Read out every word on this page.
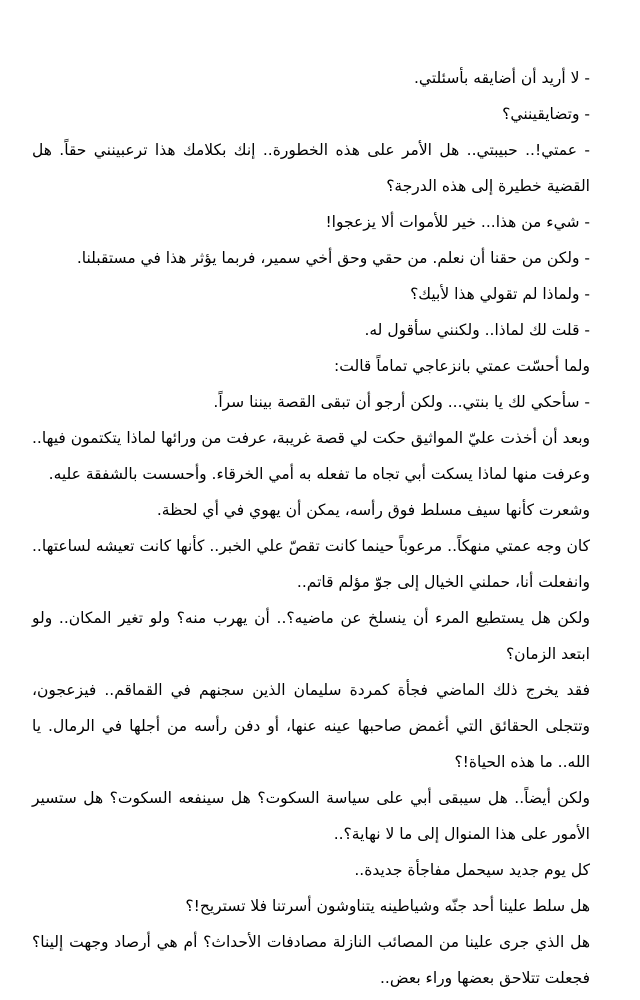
- لا أريد أن أضايقه بأسئلتي.

- وتضايقينني؟

- عمتي!.. حبيبتي.. هل الأمر على هذه الخطورة.. إنك بكلامك هذا ترعبينني حقاً. هل القضية خطيرة إلى هذه الدرجة؟

- شيء من هذا... خير للأموات ألا يزعجوا!

- ولكن من حقنا أن نعلم. من حقي وحق أخي سمير، فربما يؤثر هذا في مستقبلنا.

- ولماذا لم تقولي هذا لأبيك؟

- قلت لك لماذا.. ولكنني سأقول له.

ولما أحسّت عمتي بانزعاجي تماماً قالت:

- سأحكي لك يا بنتي... ولكن أرجو أن تبقى القصة بيننا سراً.

وبعد أن أخذت عليّ المواثيق حكت لي قصة غريبة، عرفت من ورائها لماذا يتكتمون فيها.. وعرفت منها لماذا يسكت أبي تجاه ما تفعله به أمي الخرقاء. وأحسست بالشفقة عليه.

وشعرت كأنها سيف مسلط فوق رأسه، يمكن أن يهوي في أي لحظة.

كان وجه عمتي منهكاً.. مرعوباً حينما كانت تقصّ علي الخبر.. كأنها كانت تعيشه لساعتها.. وانفعلت أنا، حملني الخيال إلى جوّ مؤلم قاتم..

ولكن هل يستطيع المرء أن ينسلخ عن ماضيه؟.. أن يهرب منه؟ ولو تغير المكان.. ولو ابتعد الزمان؟

فقد يخرج ذلك الماضي فجأة كمردة سليمان الذين سجنهم في القماقم.. فيزعجون، وتتجلى الحقائق التي أغمض صاحبها عينه عنها، أو دفن رأسه من أجلها في الرمال. يا الله.. ما هذه الحياة!؟

ولكن أيضاً.. هل سيبقى أبي على سياسة السكوت؟ هل سينفعه السكوت؟ هل ستسير الأمور على هذا المنوال إلى ما لا نهاية؟..

كل يوم جديد سيحمل مفاجأة جديدة..

هل سلط علينا أحد جنّه وشياطينه يتناوشون أسرتنا فلا تستريح!؟

هل الذي جرى علينا من المصائب النازلة مصادفات الأحداث؟ أم هي أرصاد وجهت إلينا؟ فجعلت تتلاحق بعضها وراء بعض..
